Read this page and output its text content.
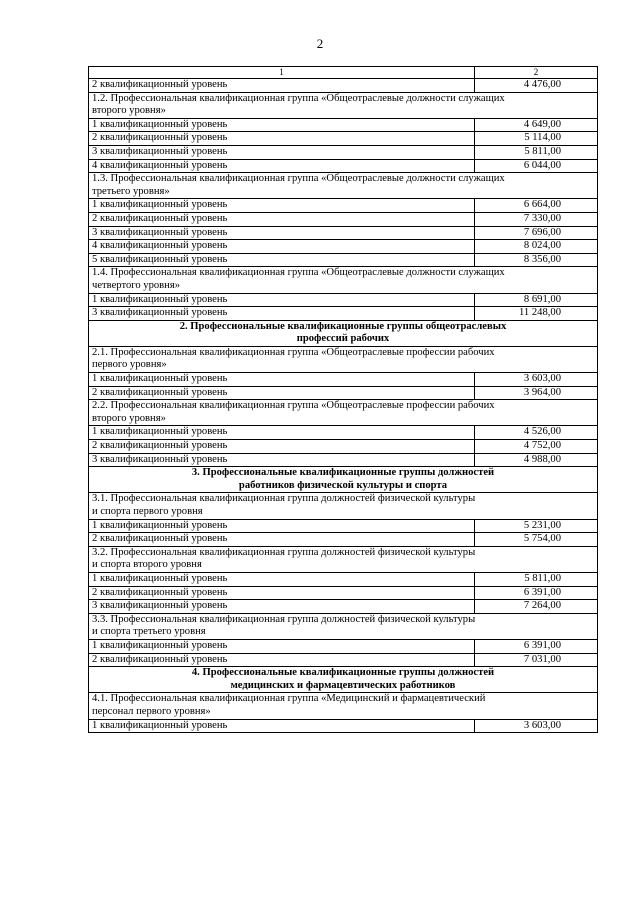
2
1	2
2 квалификационный уровень	4 476,00

1.2. Профессиональная квалификационная группа «Общеотраслевые должности служащих
второго уровня»	

1 квалификационный уровень	4 649,00
2 квалификационный уровень	5 114,00
3 квалификационный уровень	5 811,00
4 квалификационный уровень	6 044,00

1.3. Профессиональная квалификационная группа «Общеотраслевые должности служащих
третьего уровня»	

1 квалификационный уровень	6 664,00
2 квалификационный уровень	7 330,00
3 квалификационный уровень	7 696,00
4 квалификационный уровень	8 024,00
5 квалификационный уровень	8 356,00

1.4. Профессиональная квалификационная группа «Общеотраслевые должности служащих
четвертого уровня»	

1 квалификационный уровень	8 691,00
3 квалификационный уровень	11 248,00

2. Профессиональные квалификационные группы общеотраслевых
профессий рабочих	

2.1. Профессиональная квалификационная группа «Общеотраслевые профессии рабочих
первого уровня»	

1 квалификационный уровень	3 603,00
2 квалификационный уровень	3 964,00

2.2. Профессиональная квалификационная группа «Общеотраслевые профессии рабочих
второго уровня»	

1 квалификационный уровень	4 526,00
2 квалификационный уровень	4 752,00
3 квалификационный уровень	4 988,00

3. Профессиональные квалификационные группы должностей
работников физической культуры и спорта	

3.1. Профессиональная квалификационная группа должностей физической культуры
и спорта первого уровня	

1 квалификационный уровень	5 231,00
2 квалификационный уровень	5 754,00

3.2. Профессиональная квалификационная группа должностей физической культуры
и спорта второго уровня	

1 квалификационный уровень	5 811,00
2 квалификационный уровень	6 391,00
3 квалификационный уровень	7 264,00

3.3. Профессиональная квалификационная группа должностей физической культуры
и спорта третьего уровня	

1 квалификационный уровень	6 391,00
2 квалификационный уровень	7 031,00

4. Профессиональные квалификационные группы должностей
медицинских и фармацевтических работников	

4.1. Профессиональная квалификационная группа «Медицинский и фармацевтический
персонал первого уровня»	

1 квалификационный уровень	3 603,00
